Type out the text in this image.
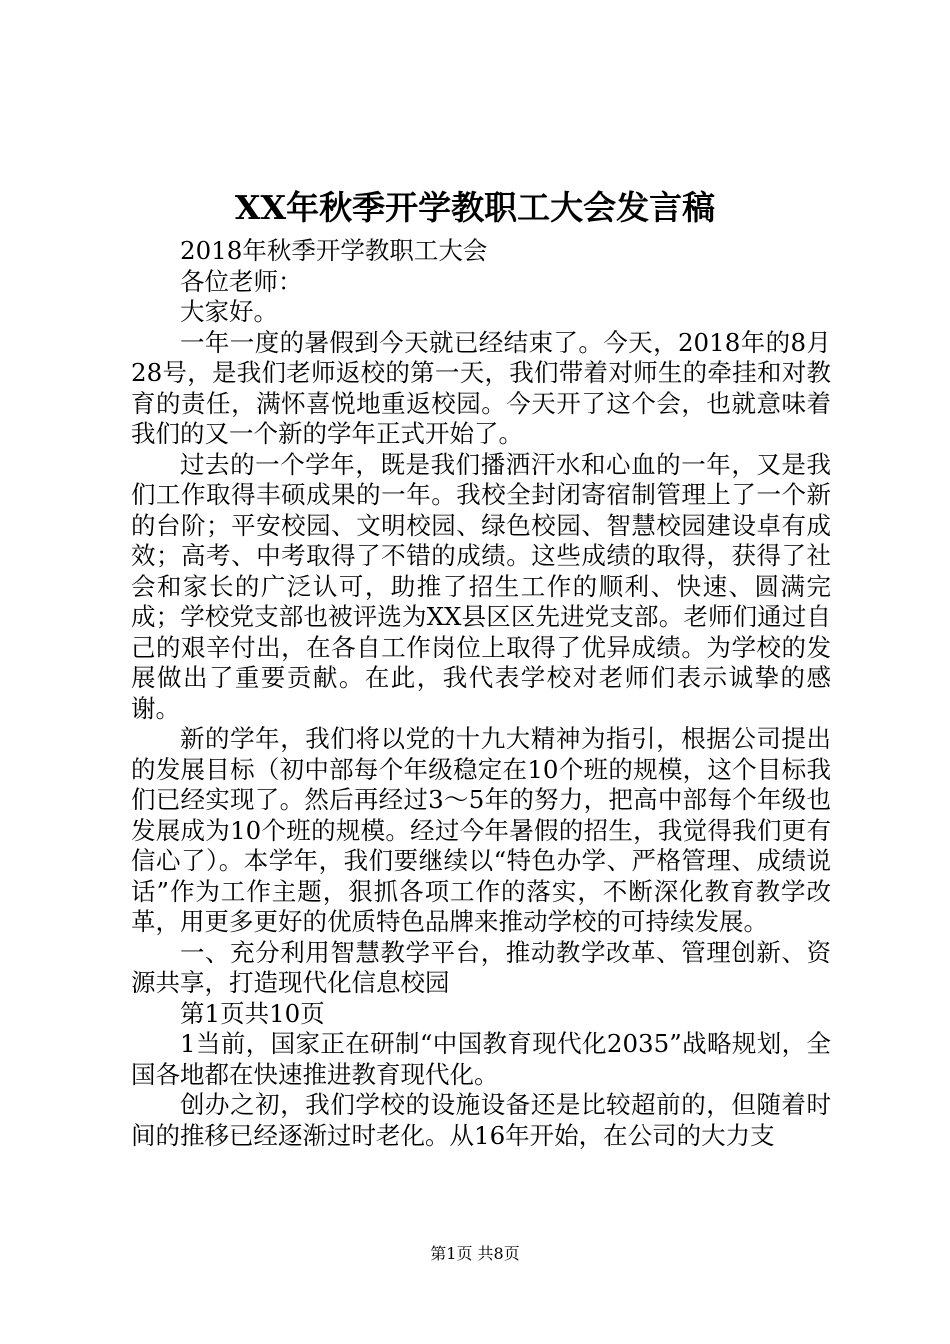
XX年秋季开学教职工大会发言稿

2018年秋季开学教职工大会

各位老师：

大家好。

一年一度的暑假到今天就已经结束了。今天，2018年的8月28号，是我们老师返校的第一天，我们带着对师生的牵挂和对教育的责任，满怀喜悦地重返校园。今天开了这个会，也就意味着我们的又一个新的学年正式开始了。

过去的一个学年，既是我们播洒汗水和心血的一年，又是我们工作取得丰硕成果的一年。我校全封闭寄宿制管理上了一个新的台阶；平安校园、文明校园、绿色校园、智慧校园建设卓有成效；高考、中考取得了不错的成绩。这些成绩的取得，获得了社会和家长的广泛认可，助推了招生工作的顺利、快速、圆满完成；学校党支部也被评选为XX县区区先进党支部。老师们通过自己的艰辛付出，在各自工作岗位上取得了优异成绩。为学校的发展做出了重要贡献。在此，我代表学校对老师们表示诚挚的感谢。

新的学年，我们将以党的十九大精神为指引，根据公司提出的发展目标（初中部每个年级稳定在10个班的规模，这个目标我们已经实现了。然后再经过3～5年的努力，把高中部每个年级也发展成为10个班的规模。经过今年暑假的招生，我觉得我们更有信心了）。本学年，我们要继续以“特色办学、严格管理、成绩说话”作为工作主题，狠抓各项工作的落实，不断深化教育教学改革，用更多更好的优质特色品牌来推动学校的可持续发展。

一、充分利用智慧教学平台，推动教学改革、管理创新、资源共享，打造现代化信息校园

第1页共10页

1当前，国家正在研制“中国教育现代化2035”战略规划，全国各地都在快速推进教育现代化。

创办之初，我们学校的设施设备还是比较超前的，但随着时间的推移已经逐渐过时老化。从16年开始，在公司的大力支

第1页 共8页
